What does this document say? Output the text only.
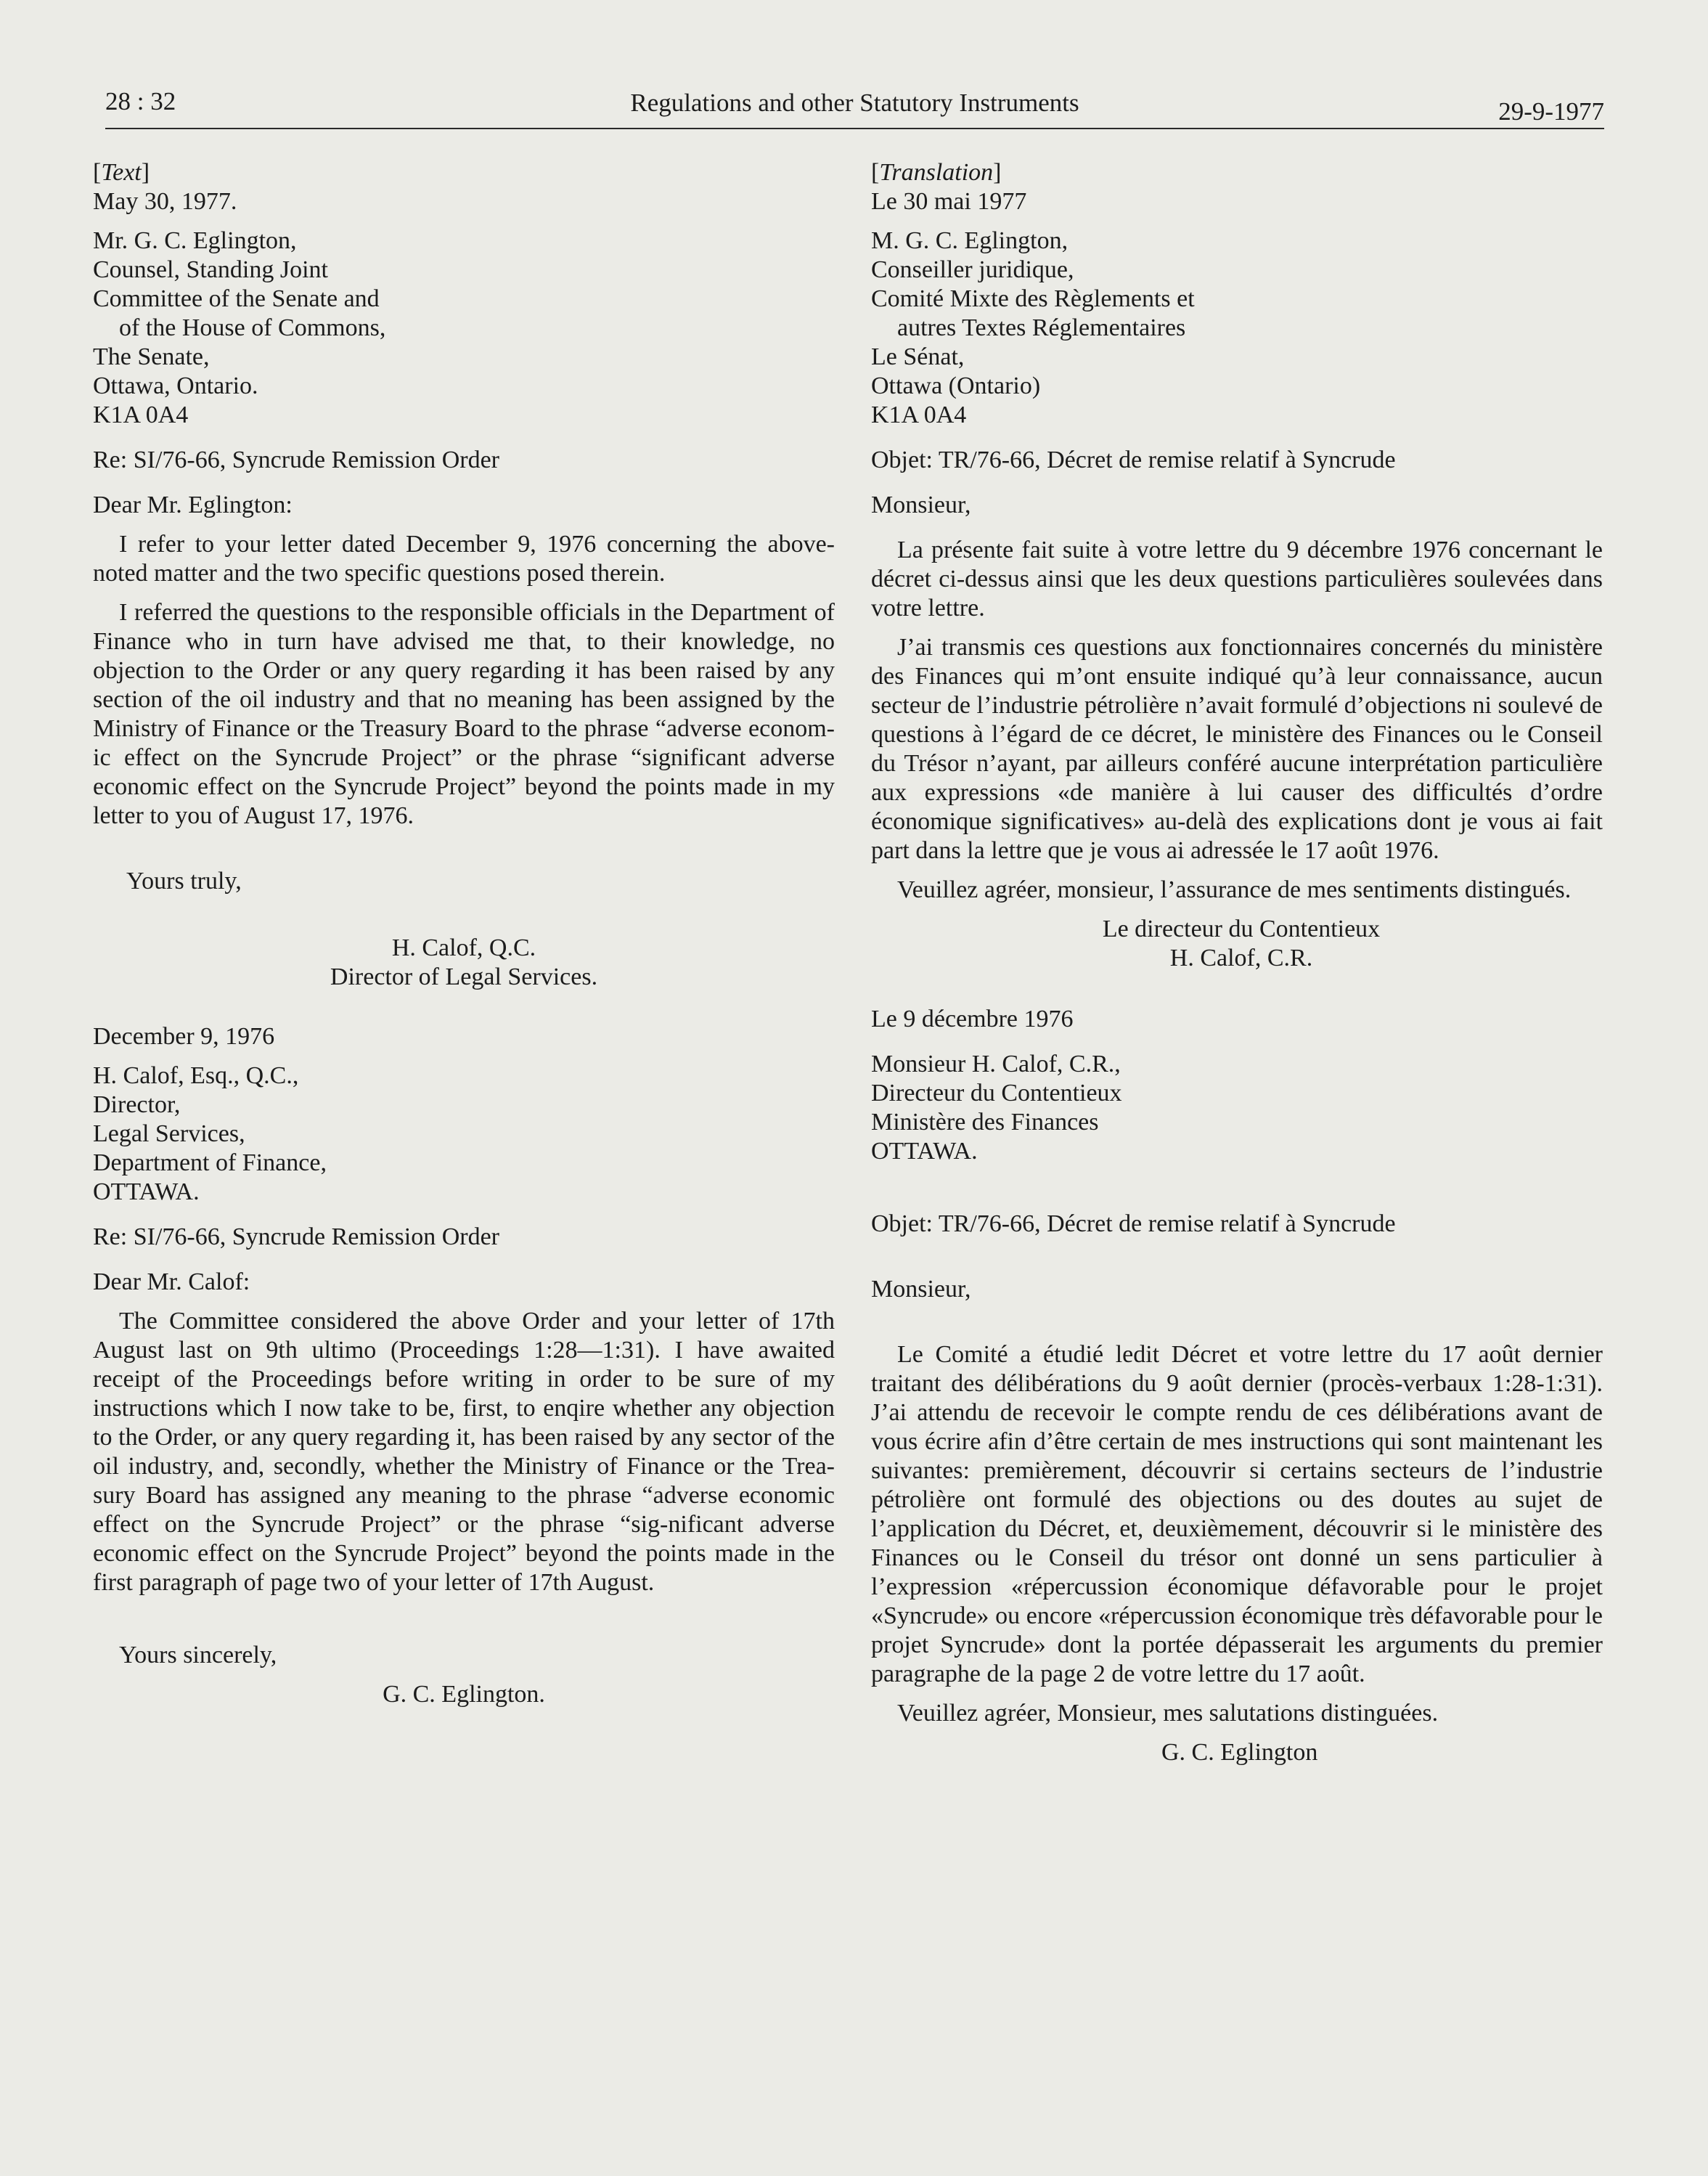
28 : 32	Regulations and other Statutory Instruments	29-9-1977
[Text]
May 30, 1977.
Mr. G. C. Eglington,
Counsel, Standing Joint
Committee of the Senate and
of the House of Commons,
The Senate,
Ottawa, Ontario.
K1A 0A4
Re: SI/76-66, Syncrude Remission Order
Dear Mr. Eglington:

I refer to your letter dated December 9, 1976 concerning the above-noted matter and the two specific questions posed therein.

I referred the questions to the responsible officials in the Department of Finance who in turn have advised me that, to their knowledge, no objection to the Order or any query regarding it has been raised by any section of the oil industry and that no meaning has been assigned by the Ministry of Finance or the Treasury Board to the phrase “adverse econom-ic effect on the Syncrude Project” or the phrase “significant adverse economic effect on the Syncrude Project” beyond the points made in my letter to you of August 17, 1976.

Yours truly,
H. Calof, Q.C.
Director of Legal Services.
December 9, 1976
H. Calof, Esq., Q.C.,
Director,
Legal Services,
Department of Finance,
OTTAWA.
Re: SI/76-66, Syncrude Remission Order
Dear Mr. Calof:

The Committee considered the above Order and your letter of 17th August last on 9th ultimo (Proceedings 1:28—1:31). I have awaited receipt of the Proceedings before writing in order to be sure of my instructions which I now take to be, first, to enqire whether any objection to the Order, or any query regarding it, has been raised by any sector of the oil industry, and, secondly, whether the Ministry of Finance or the Trea-sury Board has assigned any meaning to the phrase “adverse economic effect on the Syncrude Project” or the phrase “sig-nificant adverse economic effect on the Syncrude Project” beyond the points made in the first paragraph of page two of your letter of 17th August.

Yours sincerely,
G. C. Eglington.
[Translation]
Le 30 mai 1977
M. G. C. Eglington,
Conseiller juridique,
Comité Mixte des Règlements et
autres Textes Réglementaires
Le Sénat,
Ottawa (Ontario)
K1A 0A4
Objet: TR/76-66, Décret de remise relatif à Syncrude
Monsieur,

La présente fait suite à votre lettre du 9 décembre 1976 concernant le décret ci-dessus ainsi que les deux questions particulières soulevées dans votre lettre.

J’ai transmis ces questions aux fonctionnaires concernés du ministère des Finances qui m’ont ensuite indiqué qu’à leur connaissance, aucun secteur de l’industrie pétrolière n’avait formulé d’objections ni soulevé de questions à l’égard de ce décret, le ministère des Finances ou le Conseil du Trésor n’ayant, par ailleurs conféré aucune interprétation particulière aux expressions «de manière à lui causer des difficultés d’ordre économique significatives» au-delà des explications dont je vous ai fait part dans la lettre que je vous ai adressée le 17 août 1976.

Veuillez agréer, monsieur, l’assurance de mes sentiments distingués.

Le directeur du Contentieux
H. Calof, C.R.
Le 9 décembre 1976
Monsieur H. Calof, C.R.,
Directeur du Contentieux
Ministère des Finances
OTTAWA.
Objet: TR/76-66, Décret de remise relatif à Syncrude
Monsieur,

Le Comité a étudié ledit Décret et votre lettre du 17 août dernier traitant des délibérations du 9 août dernier (procès-verbaux 1:28-1:31). J’ai attendu de recevoir le compte rendu de ces délibérations avant de vous écrire afin d’être certain de mes instructions qui sont maintenant les suivantes: premièrement, découvrir si certains secteurs de l’industrie pétrolière ont formulé des objections ou des doutes au sujet de l’application du Décret, et, deuxièmement, découvrir si le ministère des Finances ou le Conseil du trésor ont donné un sens particulier à l’expression «répercussion économique défavorable pour le projet «Syncrude» ou encore «répercussion économique très défavorable pour le projet Syncrude» dont la portée dépasserait les arguments du premier paragraphe de la page 2 de votre lettre du 17 août.

Veuillez agréer, Monsieur, mes salutations distinguées.
G. C. Eglington
